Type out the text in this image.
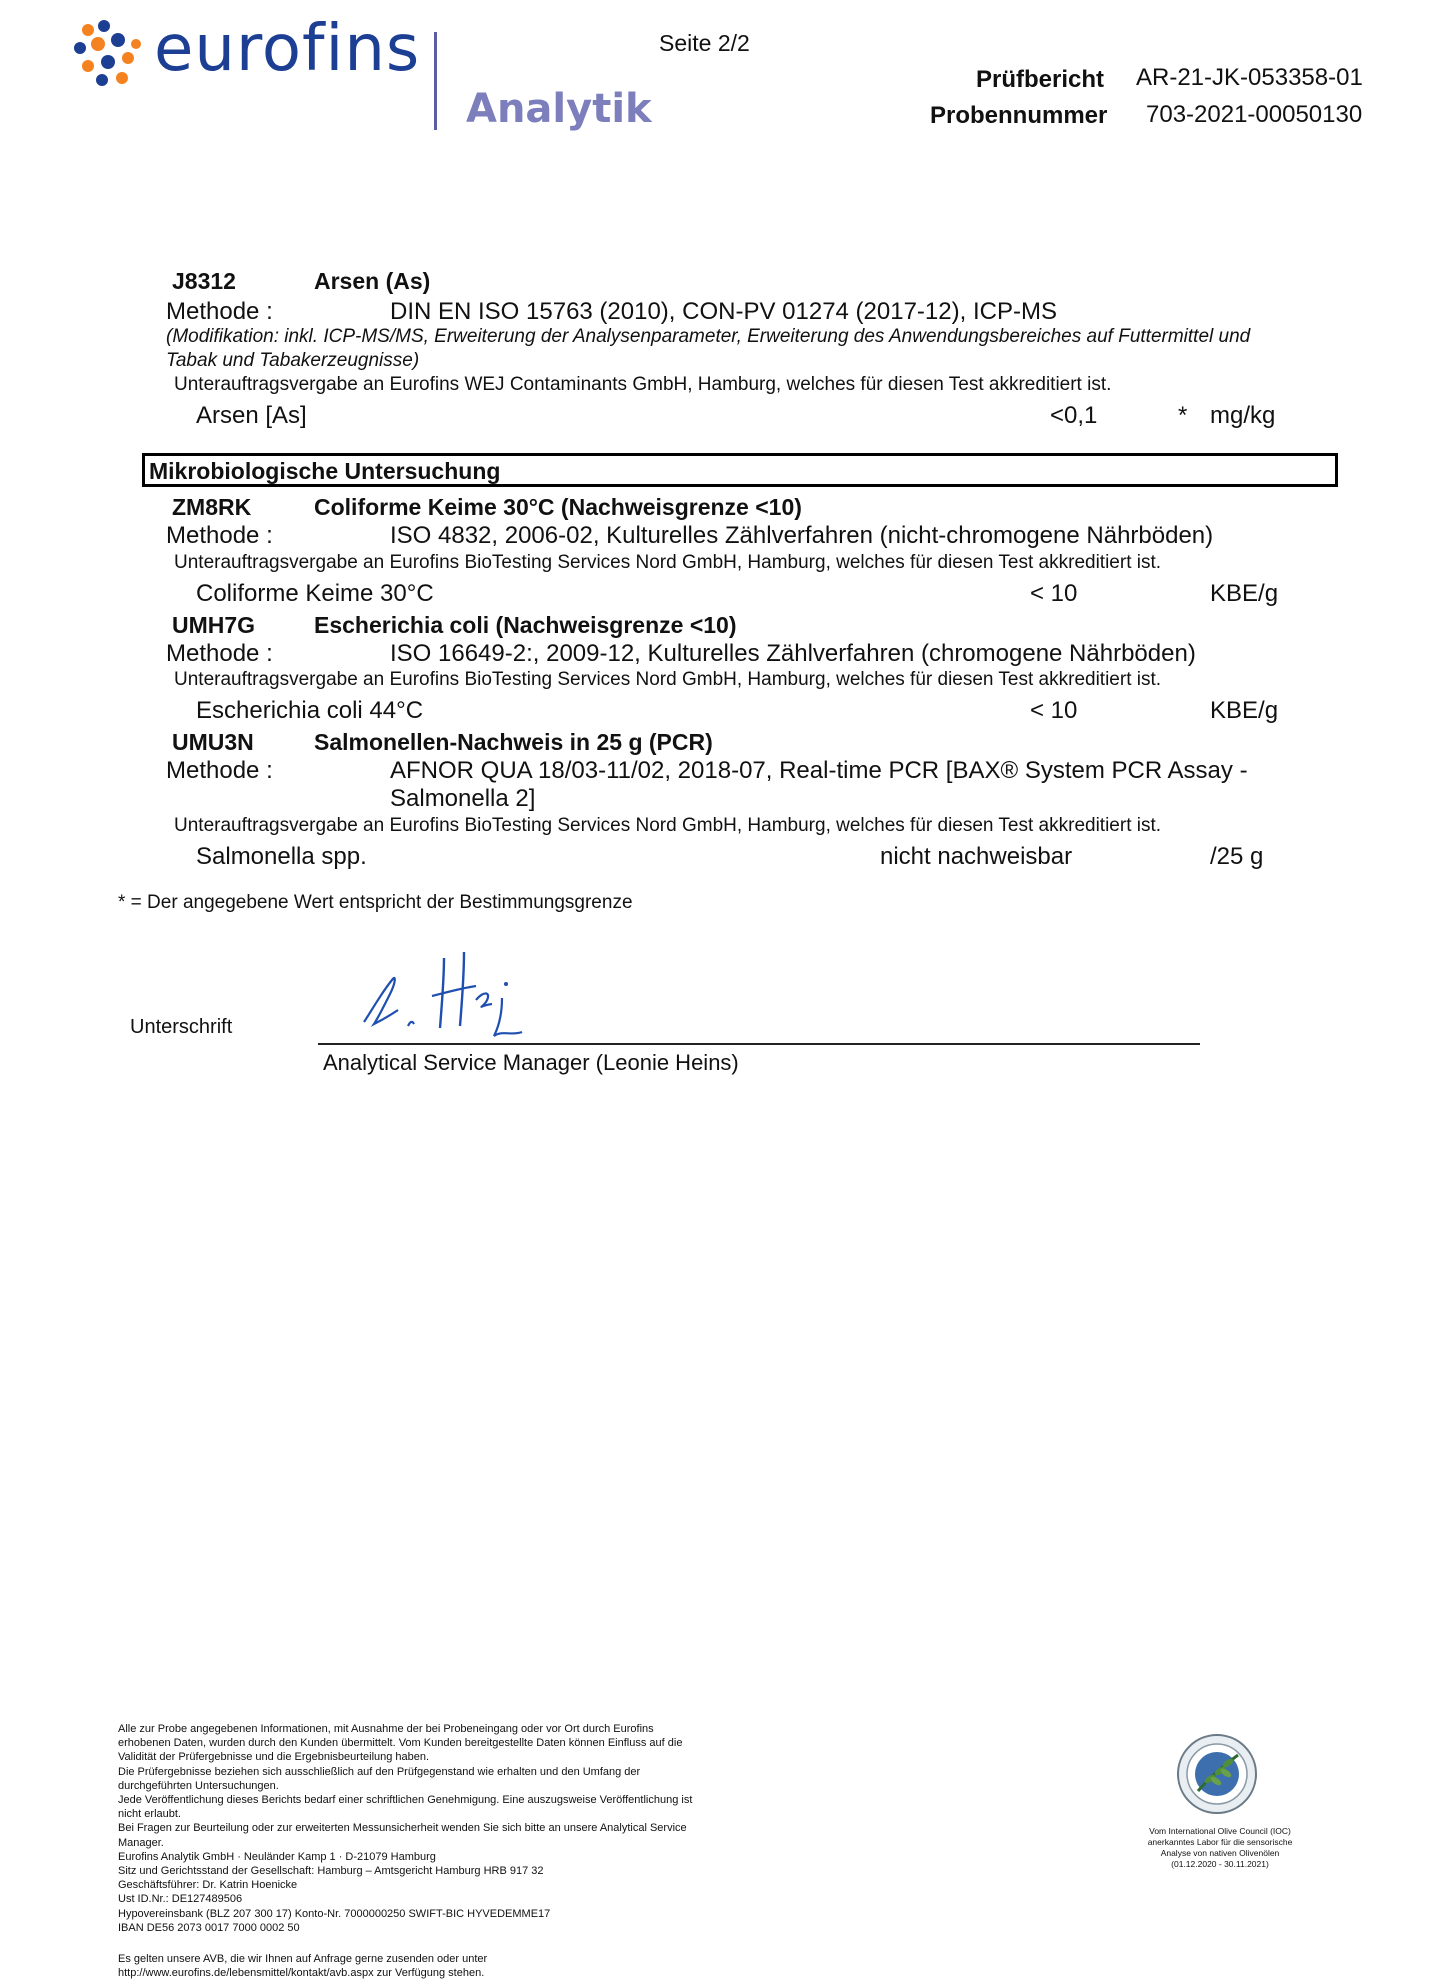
eurofins
Analytik
Seite 2/2
Prüfbericht AR-21-JK-053358-01
Probennummer 703-2021-00050130
J8312	Arsen (As)
Methode :	DIN EN ISO 15763 (2010), CON-PV 01274 (2017-12), ICP-MS
(Modifikation: inkl. ICP-MS/MS, Erweiterung der Analysenparameter, Erweiterung des Anwendungsbereiches auf Futtermittel und
Tabak und Tabakerzeugnisse)
Unterauftragsvergabe an Eurofins WEJ Contaminants GmbH, Hamburg, welches für diesen Test akkreditiert ist.
Arsen [As]	<0,1	* mg/kg
Mikrobiologische Untersuchung
ZM8RK	Coliforme Keime 30°C (Nachweisgrenze <10)
Methode :	ISO 4832, 2006-02, Kulturelles Zählverfahren (nicht-chromogene Nährböden)
Unterauftragsvergabe an Eurofins BioTesting Services Nord GmbH, Hamburg, welches für diesen Test akkreditiert ist.
Coliforme Keime 30°C	< 10	KBE/g
UMH7G	Escherichia coli (Nachweisgrenze <10)
Methode :	ISO 16649-2:, 2009-12, Kulturelles Zählverfahren (chromogene Nährböden)
Unterauftragsvergabe an Eurofins BioTesting Services Nord GmbH, Hamburg, welches für diesen Test akkreditiert ist.
Escherichia coli 44°C	< 10	KBE/g
UMU3N	Salmonellen-Nachweis in 25 g (PCR)
Methode :	AFNOR QUA 18/03-11/02, 2018-07, Real-time PCR [BAX® System PCR Assay -
Salmonella 2]
Unterauftragsvergabe an Eurofins BioTesting Services Nord GmbH, Hamburg, welches für diesen Test akkreditiert ist.
Salmonella spp.	nicht nachweisbar	/25 g
* = Der angegebene Wert entspricht der Bestimmungsgrenze
Unterschrift
Analytical Service Manager (Leonie Heins)
Alle zur Probe angegebenen Informationen, mit Ausnahme der bei Probeneingang oder vor Ort durch Eurofins
erhobenen Daten, wurden durch den Kunden übermittelt. Vom Kunden bereitgestellte Daten können Einfluss auf die
Validität der Prüfergebnisse und die Ergebnisbeurteilung haben.
Die Prüfergebnisse beziehen sich ausschließlich auf den Prüfgegenstand wie erhalten und den Umfang der
durchgeführten Untersuchungen.
Jede Veröffentlichung dieses Berichts bedarf einer schriftlichen Genehmigung. Eine auszugsweise Veröffentlichung ist
nicht erlaubt.
Bei Fragen zur Beurteilung oder zur erweiterten Messunsicherheit wenden Sie sich bitte an unsere Analytical Service
Manager.
Eurofins Analytik GmbH · Neuländer Kamp 1 · D-21079 Hamburg
Sitz und Gerichtsstand der Gesellschaft: Hamburg – Amtsgericht Hamburg HRB 917 32
Geschäftsführer: Dr. Katrin Hoenicke
Ust ID.Nr.: DE127489506
Hypovereinsbank (BLZ 207 300 17) Konto-Nr. 7000000250 SWIFT-BIC HYVEDEMME17
IBAN DE56 2073 0017 7000 0002 50
Es gelten unsere AVB, die wir Ihnen auf Anfrage gerne zusenden oder unter
http://www.eurofins.de/lebensmittel/kontakt/avb.aspx zur Verfügung stehen.
Vom International Olive Council (IOC)
anerkanntes Labor für die sensorische
Analyse von nativen Olivenölen
(01.12.2020 - 30.11.2021)
